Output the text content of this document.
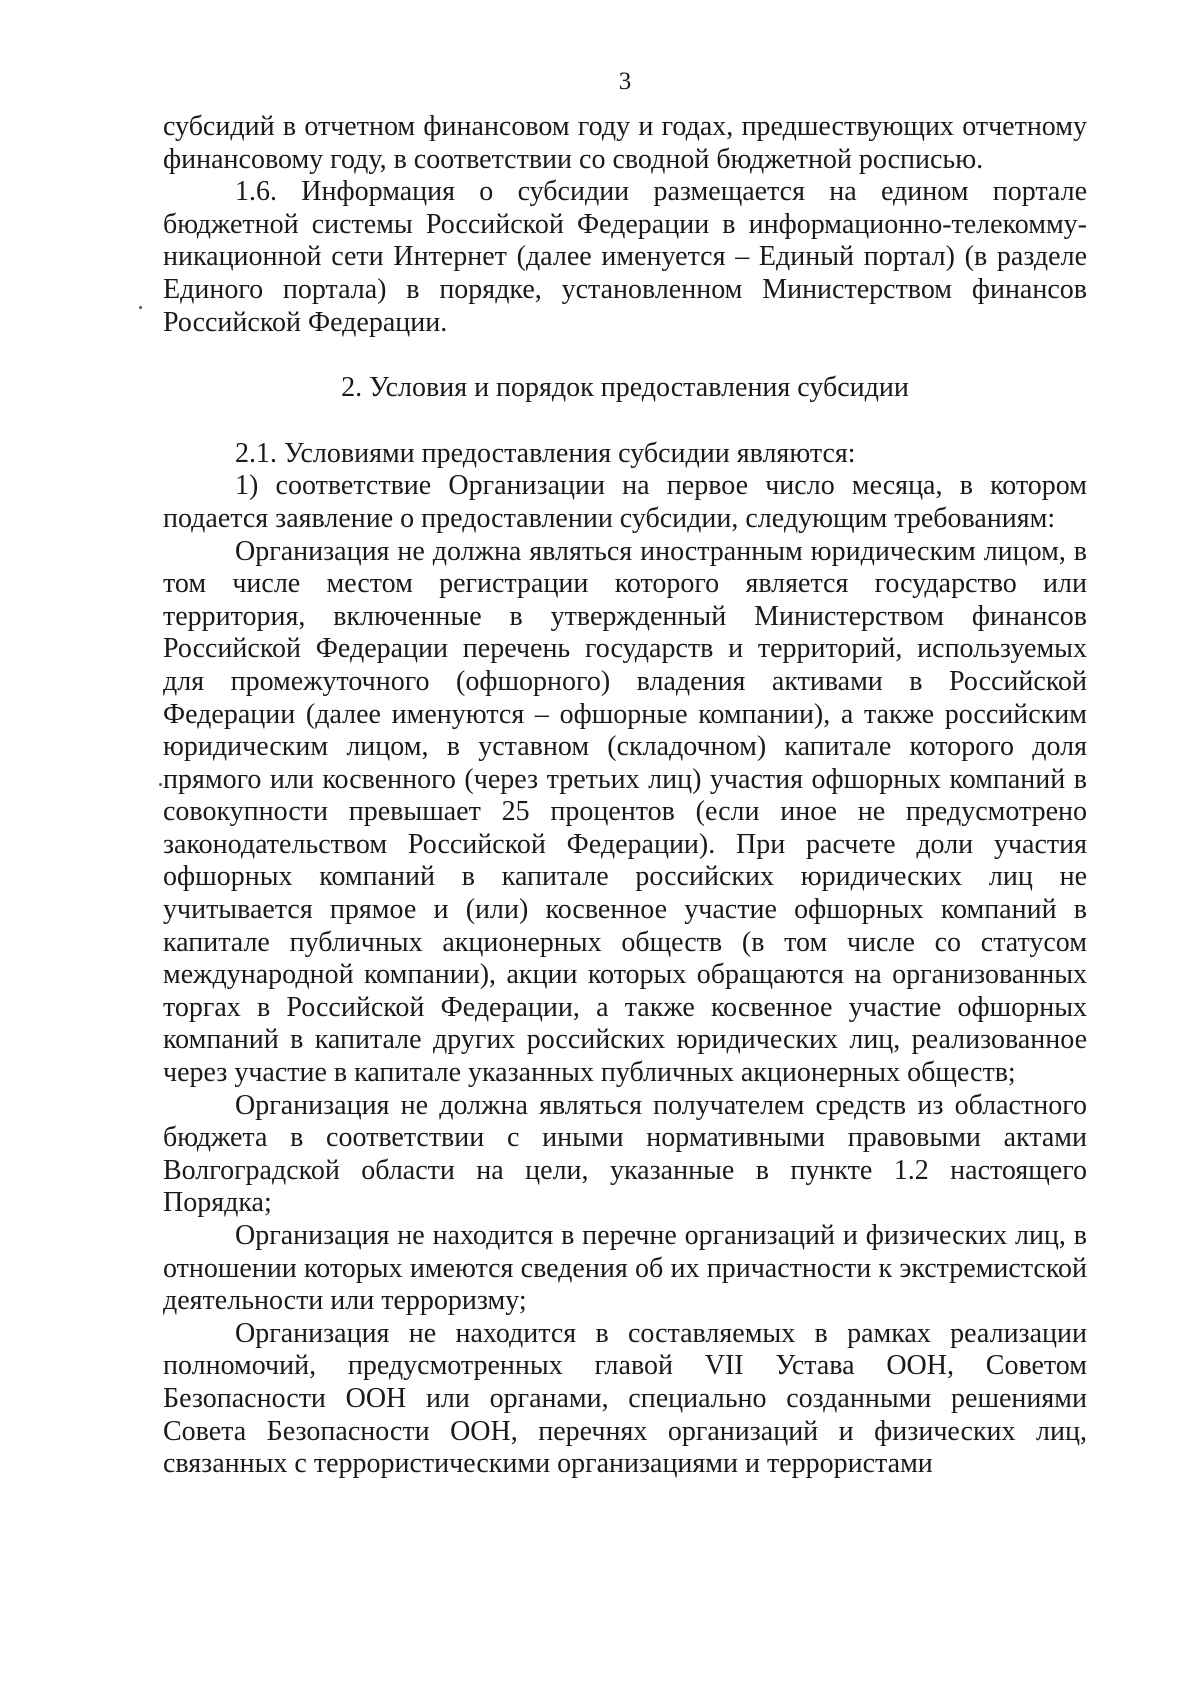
3

субсидий в отчетном финансовом году и годах, предшествующих отчетному финансовому году, в соответствии со сводной бюджетной росписью.

1.6. Информация о субсидии размещается на едином портале бюджетной системы Российской Федерации в информационно-телекоммуникационной сети Интернет (далее именуется – Единый портал) (в разделе Единого портала) в порядке, установленном Министерством финансов Российской Федерации.

2. Условия и порядок предоставления субсидии

2.1. Условиями предоставления субсидии являются:

1) соответствие Организации на первое число месяца, в котором подается заявление о предоставлении субсидии, следующим требованиям:

Организация не должна являться иностранным юридическим лицом, в том числе местом регистрации которого является государство или территория, включенные в утвержденный Министерством финансов Российской Федерации перечень государств и территорий, используемых для промежуточного (офшорного) владения активами в Российской Федерации (далее именуются – офшорные компании), а также российским юридическим лицом, в уставном (складочном) капитале которого доля прямого или косвенного (через третьих лиц) участия офшорных компаний в совокупности превышает 25 процентов (если иное не предусмотрено законодательством Российской Федерации). При расчете доли участия офшорных компаний в капитале российских юридических лиц не учитывается прямое и (или) косвенное участие офшорных компаний в капитале публичных акционерных обществ (в том числе со статусом международной компании), акции которых обращаются на организованных торгах в Российской Федерации, а также косвенное участие офшорных компаний в капитале других российских юридических лиц, реализованное через участие в капитале указанных публичных акционерных обществ;

Организация не должна являться получателем средств из областного бюджета в соответствии с иными нормативными правовыми актами Волгоградской области на цели, указанные в пункте 1.2 настоящего Порядка;

Организация не находится в перечне организаций и физических лиц, в отношении которых имеются сведения об их причастности к экстремистской деятельности или терроризму;

Организация не находится в составляемых в рамках реализации полномочий, предусмотренных главой VII Устава ООН, Советом Безопасности ООН или органами, специально созданными решениями Совета Безопасности ООН, перечнях организаций и физических лиц, связанных с террористическими организациями и террористами
